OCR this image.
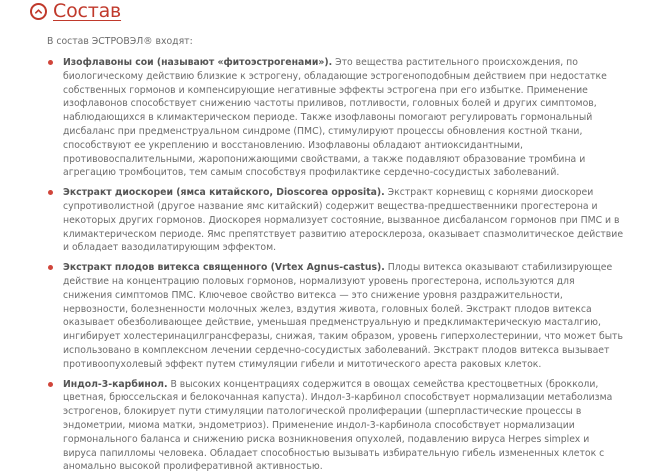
Состав
В состав ЭСТРОВЭЛ® входят:
Изофлавоны сои (называют «фитоэстрогенами»). Это вещества растительного происхождения, по биологическому действию близкие к эстрогену, обладающие эстрогеноподобным действием при недостатке собственных гормонов и компенсирующие негативные эффекты эстрогена при его избытке. Применение изофлавонов способствует снижению частоты приливов, потливости, головных болей и других симптомов, наблюдающихся в климактерическом периоде. Также изофлавоны помогают регулировать гормональный дисбаланс при предменструальном синдроме (ПМС), стимулируют процессы обновления костной ткани, способствуют ее укреплению и восстановлению. Изофлавоны обладают антиоксидантными, противовоспалительными, жаропонижающими свойствами, а также подавляют образование тромбина и агрегацию тромбоцитов, тем самым способствуя профилактике сердечно-сосудистых заболеваний.
Экстракт диоскореи (ямса китайского, Dioscorea opposita). Экстракт корневищ с корнями диоскореи супротиволистной (другое название ямс китайский) содержит вещества-предшественники прогестерона и некоторых других гормонов. Диоскорея нормализует состояние, вызванное дисбалансом гормонов при ПМС и в климактерическом периоде. Ямс препятствует развитию атеросклероза, оказывает спазмолитическое действие и обладает вазодилатирующим эффектом.
Экстракт плодов витекса священного (Vrtex Agnus-castus). Плоды витекса оказывают стабилизирующее действие на концентрацию половых гормонов, нормализуют уровень прогестерона, используются для снижения симптомов ПМС. Ключевое свойство витекса — это снижение уровня раздражительности, нервозности, болезненности молочных желез, вздутия живота, головных болей. Экстракт плодов витекса оказывает обезболивающее действие, уменьшая предменструальную и предклимактерическую масталгию, ингибирует холестеринацилгрансферазы, снижая, таким образом, уровень гиперхолестеринии, что может быть использовано в комплексном лечении сердечно-сосудистых заболеваний. Экстракт плодов витекса вызывает противоопухолевый эффект путем стимуляции гибели и митотического ареста раковых клеток.
Индол-3-карбинол. В высоких концентрациях содержится в овощах семейства крестоцветных (брокколи, цветная, брюссельская и белокочанная капуста). Индол-3-карбинол способствует нормализации метаболизма эстрогенов, блокирует пути стимуляции патологической пролиферации (шперпластические процессы в эндометрии, миома матки, эндометриоз). Применение индол-3-карбинола способствует нормализации гормонального баланса и снижению риска возникновения опухолей, подавлению вируса Herpes simplex и вируса папилломы человека. Обладает способностью вызывать избирательную гибель измененных клеток с аномально высокой пролиферативной активностью.
